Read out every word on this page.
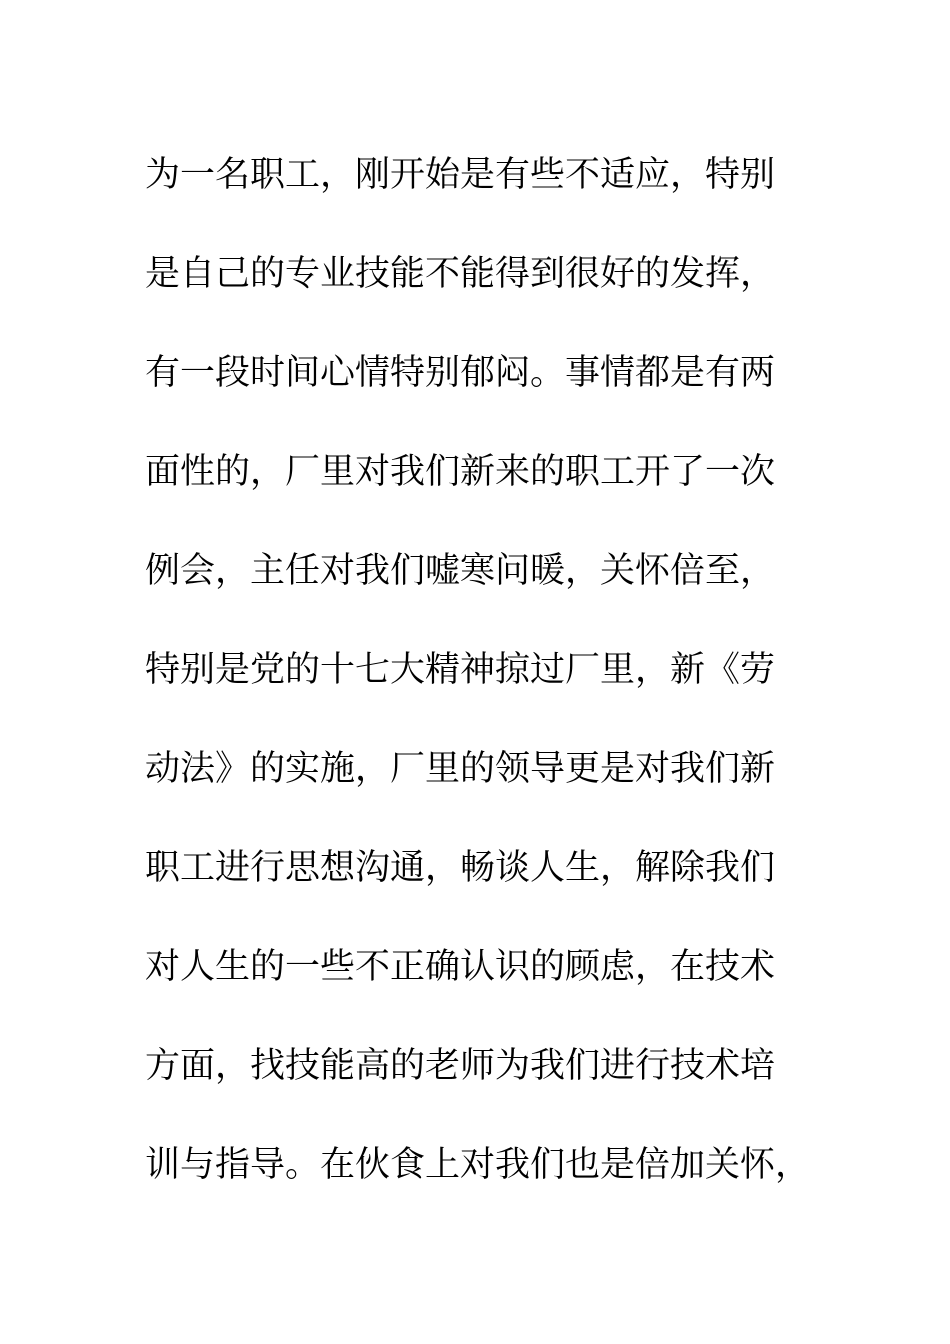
为一名职工，刚开始是有些不适应，特别
是自己的专业技能不能得到很好的发挥，
有一段时间心情特别郁闷。事情都是有两
面性的，厂里对我们新来的职工开了一次
例会，主任对我们嘘寒问暖，关怀倍至，
特别是党的十七大精神掠过厂里，新《劳
动法》的实施，厂里的领导更是对我们新
职工进行思想沟通，畅谈人生，解除我们
对人生的一些不正确认识的顾虑，在技术
方面，找技能高的老师为我们进行技术培
训与指导。在伙食上对我们也是倍加关怀，
